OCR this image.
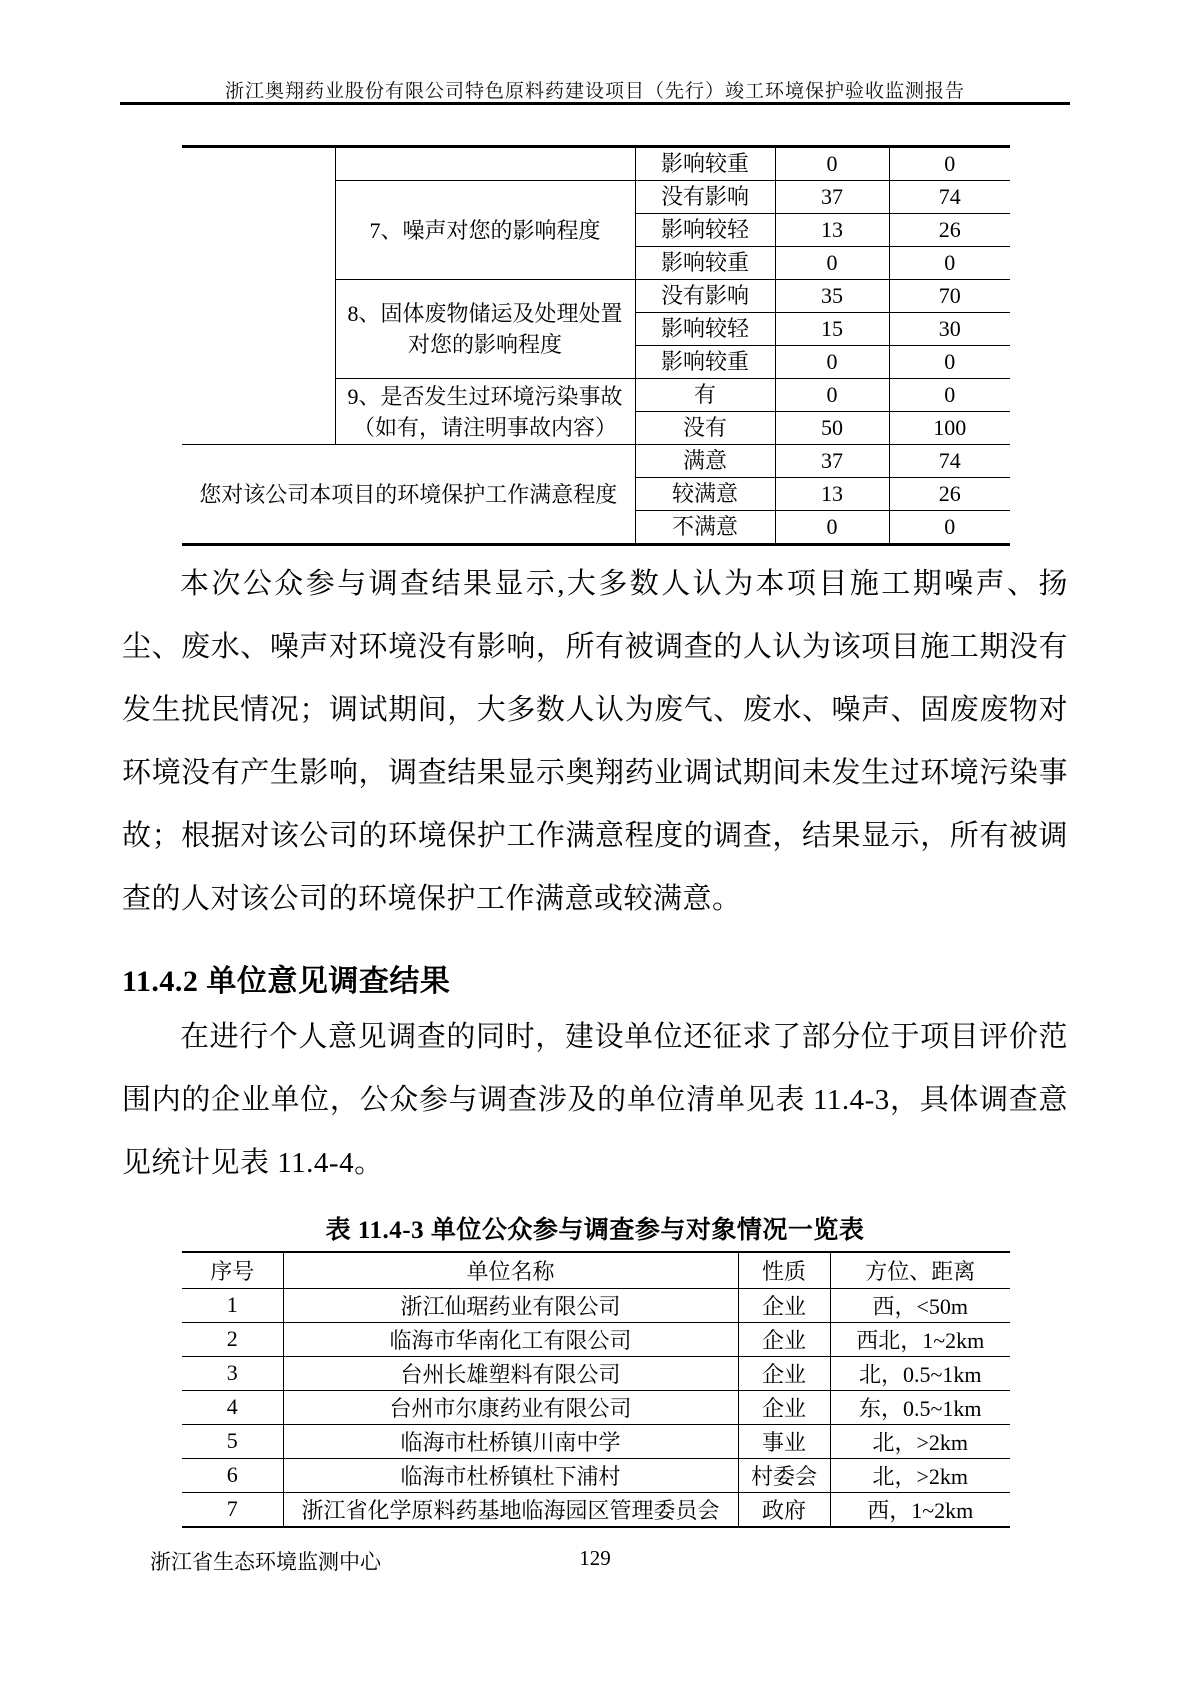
浙江奥翔药业股份有限公司特色原料药建设项目（先行）竣工环境保护验收监测报告
		影响较重	0	0
	7、噪声对您的影响程度	没有影响	37	74
		影响较轻	13	26
		影响较重	0	0
	8、固体废物储运及处理处置对您的影响程度	没有影响	35	70
		影响较轻	15	30
		影响较重	0	0
	9、是否发生过环境污染事故（如有，请注明事故内容）	有	0	0
		没有	50	100
您对该公司本项目的环境保护工作满意程度		满意	37	74
		较满意	13	26
		不满意	0	0

本次公众参与调查结果显示,大多数人认为本项目施工期噪声、扬尘、废水、噪声对环境没有影响，所有被调查的人认为该项目施工期没有发生扰民情况；调试期间，大多数人认为废气、废水、噪声、固废废物对环境没有产生影响，调查结果显示奥翔药业调试期间未发生过环境污染事故；根据对该公司的环境保护工作满意程度的调查，结果显示，所有被调查的人对该公司的环境保护工作满意或较满意。

11.4.2 单位意见调查结果

在进行个人意见调查的同时，建设单位还征求了部分位于项目评价范围内的企业单位，公众参与调查涉及的单位清单见表 11.4-3，具体调查意见统计见表 11.4-4。

表 11.4-3 单位公众参与调查参与对象情况一览表
序号	单位名称	性质	方位、距离
1	浙江仙琚药业有限公司	企业	西，<50m
2	临海市华南化工有限公司	企业	西北，1~2km
3	台州长雄塑料有限公司	企业	北，0.5~1km
4	台州市尔康药业有限公司	企业	东，0.5~1km
5	临海市杜桥镇川南中学	事业	北，>2km
6	临海市杜桥镇杜下浦村	村委会	北，>2km
7	浙江省化学原料药基地临海园区管理委员会	政府	西，1~2km
浙江省生态环境监测中心	129
